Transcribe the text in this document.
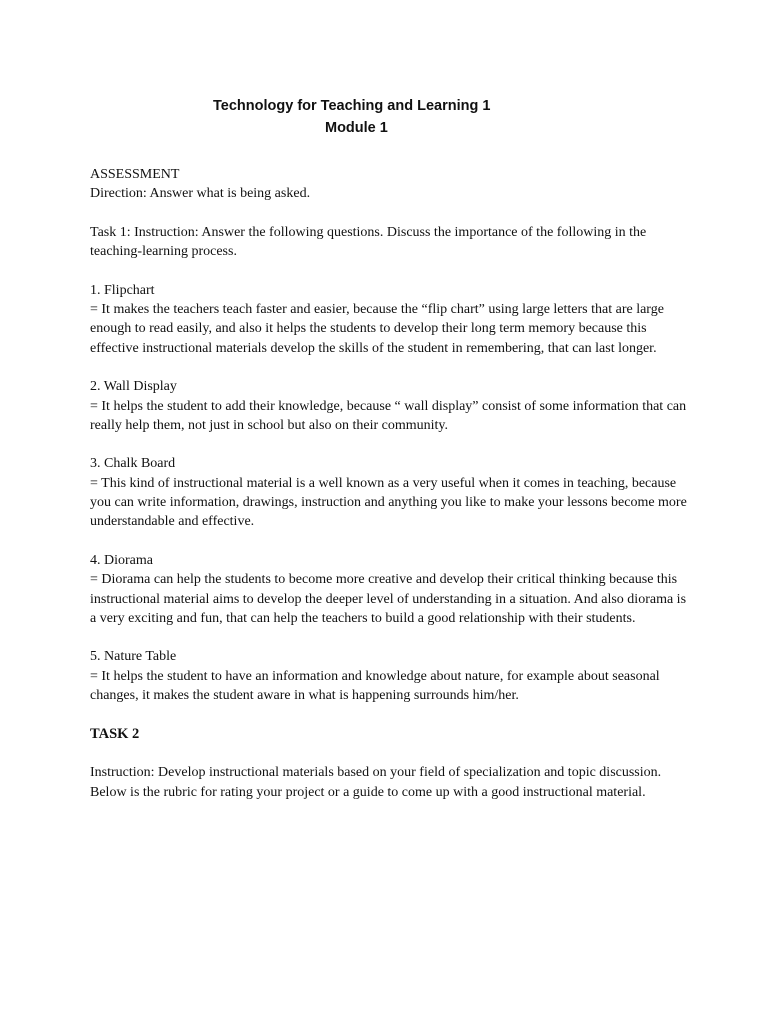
Technology for Teaching and Learning 1
Module 1

ASSESSMENT

Direction: Answer what is being asked.

Task 1: Instruction: Answer the following questions. Discuss the importance of the following in the teaching-learning process.

1. Flipchart

= It makes the teachers teach faster and easier, because the “flip chart” using large letters that are large enough to read easily, and also it helps the students to develop their long term memory because this effective instructional materials develop the skills of the student in remembering, that can last longer.

2. Wall Display

= It helps the student to add their knowledge, because “ wall display” consist of some information that can really help them, not just in school but also on their community.

3. Chalk Board

= This kind of instructional material is a well known as a very useful when it comes in teaching, because you can write information, drawings, instruction and anything you like to make your lessons become more understandable and effective.

4. Diorama

= Diorama can help the students to become more creative and develop their critical thinking because this instructional material aims to develop the deeper level of understanding in a situation. And also diorama is a very exciting and fun, that can help the teachers to build a good relationship with their students.

5. Nature Table

= It helps the student to have an information and knowledge about nature, for example about seasonal changes, it makes the student aware in what is happening surrounds him/her.

TASK 2

Instruction: Develop instructional materials based on your field of specialization and topic discussion. Below is the rubric for rating your project or a guide to come up with a good instructional material.
